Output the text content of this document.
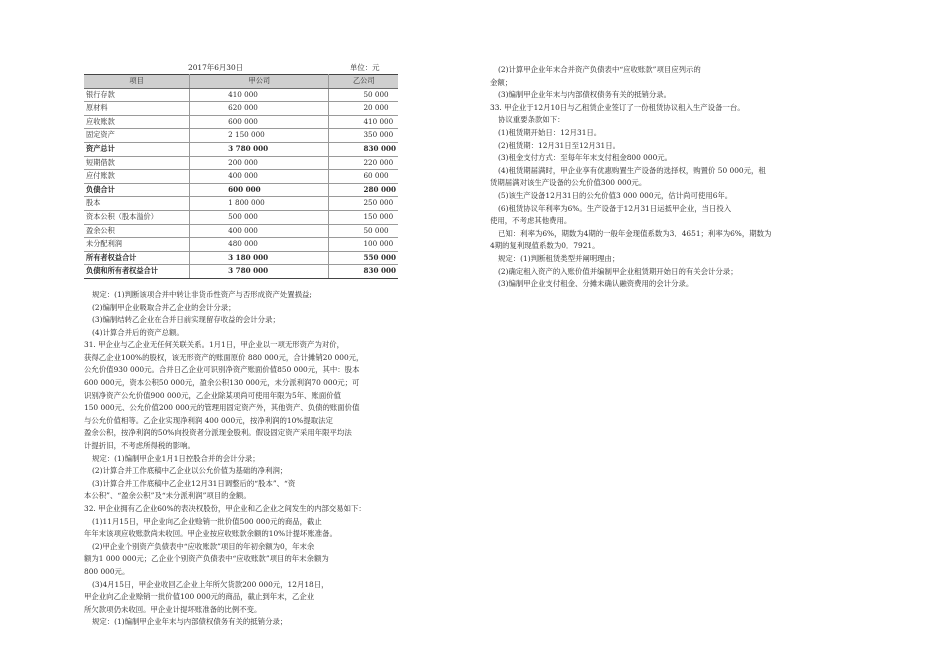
2017年6月30日	单位：元
项目	甲公司	乙公司
银行存款	410 000	50 000
原材料	620 000	20 000
应收账款	600 000	410 000
固定资产	2 150 000	350 000
资产总计	3 780 000	830 000
短期借款	200 000	220 000
应付账款	400 000	60 000
负债合计	600 000	280 000
股本	1 800 000	250 000
资本公积（股本溢价）	500 000	150 000
盈余公积	400 000	50 000
未分配利润	480 000	100 000
所有者权益合计	3 180 000	550 000
负债和所有者权益合计	3 780 000	830 000
规定：(1)判断该项合并中转让非货币性资产与否形成资产处置损益;
(2)编制甲企业吸取合并乙企业的会计分录；
(3)编制结转乙企业在合并日前实现留存收益的会计分录；
(4)计算合并后的资产总额。
31. 甲企业与乙企业无任何关联关系。1月1日，甲企业以一项无形资产为对价，
获得乙企业100%的股权，该无形资产的账面原价 880 000元，合计摊销20 000元，
公允价值930 000元。合并日乙企业可识别净资产账面价值850 000元，其中：股本
600 000元，资本公积50 000元，盈余公积130 000元，未分派利润70 000元；可
识别净资产公允价值900 000元，乙企业除某项尚可使用年限为5年、账面价值
150 000元、公允价值200 000元的管理用固定资产外，其他资产、负债的账面价值
与公允价值相等。乙企业实现净利润 400 000元，按净利润的10%提取法定
盈余公积，按净利润的50%向投资者分派现金股利。假设固定资产采用年限平均法
计提折旧，不考虑所得税的影响。
规定：(1)编制甲企业1月1日控股合并的会计分录；
(2)计算合并工作底稿中乙企业以公允价值为基础的净利润；
(3)计算合并工作底稿中乙企业12月31日调整后的“股本”、“资
本公积”、“盈余公积”及“未分派利润”项目的金额。
32. 甲企业拥有乙企业60%的表决权股份，甲企业和乙企业之间发生的内部交易如下：
(1)11月15日，甲企业向乙企业赊销一批价值500 000元的商品，截止
年年末该项应收账款尚未收回。甲企业按应收账款余额的10%计提坏账准备。
(2)甲企业个别资产负债表中“应收账款”项目的年初余额为0，年末余
额为1 000 000元；乙企业个别资产负债表中“应收账款”项目的年末余额为
800 000元。
(3)4月15日，甲企业收回乙企业上年所欠货款200 000元，12月18日，
甲企业向乙企业赊销一批价值100 000元的商品，截止到年末，乙企业
所欠款项仍未收回。甲企业计提坏账准备的比例不变。
规定：(1)编制甲企业年末与内部债权债务有关的抵销分录；
(2)计算甲企业年末合并资产负债表中“应收账款”项目应列示的
金额；
(3)编制甲企业年末与内部债权债务有关的抵销分录。
33. 甲企业于12月10日与乙租赁企业签订了一份租赁协议租入生产设备一台。
协议重要条款如下：
(1)租赁期开始日：12月31日。
(2)租赁期：12月31日至12月31日。
(3)租金支付方式：至每年年末支付租金800 000元。
(4)租赁期届满时，甲企业享有优惠购置生产设备的选择权，购置价 50 000元，租
赁期届满对该生产设备的公允价值300 000元。
(5)该生产设备12月31日的公允价值3 000 000元，估计尚可使用6年。
(6)租赁协议年利率为6%。生产设备于12月31日运抵甲企业，当日投入
使用，不考虑其他费用。
已知：利率为6%，期数为4期的一般年金现值系数为3．4651；利率为6%，期数为
4期的复利现值系数为0．7921。
规定：(1)判断租赁类型并阐明理由；
(2)确定租入资产的入账价值并编制甲企业租赁期开始日的有关会计分录；
(3)编制甲企业支付租金、分摊未确认融资费用的会计分录。
